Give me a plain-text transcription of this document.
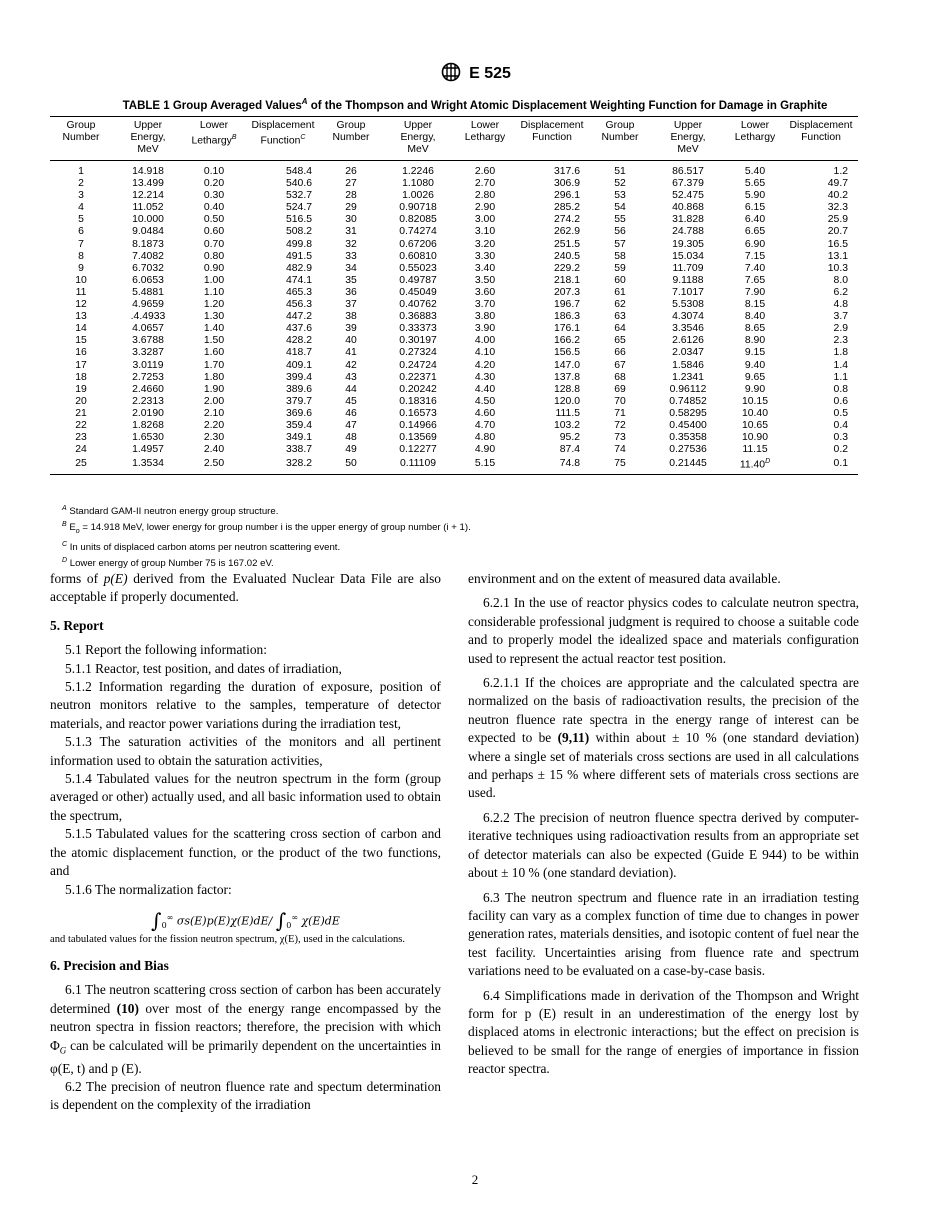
E 525
TABLE 1 Group Averaged Values$^A$ of the Thompson and Wright Atomic Displacement Weighting Function for Damage in Graphite
Group
Number	Upper
Energy,
MeV	Lower
Lethargy$^B$	Displacement
Function$^C$	Group
Number	Upper
Energy,
MeV	Lower
Lethargy	Displacement
Function	Group
Number	Upper
Energy,
MeV	Lower
Lethargy	Displacement
Function
1	14.918	0.10	548.4	26	1.2246	2.60	317.6	51	86.517	5.40	1.2
2	13.499	0.20	540.6	27	1.1080	2.70	306.9	52	67.379	5.65	49.7
3	12.214	0.30	532.7	28	1.0026	2.80	296.1	53	52.475	5.90	40.2
4	11.052	0.40	524.7	29	0.90718	2.90	285.2	54	40.868	6.15	32.3
5	10.000	0.50	516.5	30	0.82085	3.00	274.2	55	31.828	6.40	25.9
6	9.0484	0.60	508.2	31	0.74274	3.10	262.9	56	24.788	6.65	20.7
7	8.1873	0.70	499.8	32	0.67206	3.20	251.5	57	19.305	6.90	16.5
8	7.4082	0.80	491.5	33	0.60810	3.30	240.5	58	15.034	7.15	13.1
9	6.7032	0.90	482.9	34	0.55023	3.40	229.2	59	11.709	7.40	10.3
10	6.0653	1.00	474.1	35	0.49787	3.50	218.1	60	9.1188	7.65	8.0
11	5.4881	1.10	465.3	36	0.45049	3.60	207.3	61	7.1017	7.90	6.2
12	4.9659	1.20	456.3	37	0.40762	3.70	196.7	62	5.5308	8.15	4.8
13	.4.4933	1.30	447.2	38	0.36883	3.80	186.3	63	4.3074	8.40	3.7
14	4.0657	1.40	437.6	39	0.33373	3.90	176.1	64	3.3546	8.65	2.9
15	3.6788	1.50	428.2	40	0.30197	4.00	166.2	65	2.6126	8.90	2.3
16	3.3287	1.60	418.7	41	0.27324	4.10	156.5	66	2.0347	9.15	1.8
17	3.0119	1.70	409.1	42	0.24724	4.20	147.0	67	1.5846	9.40	1.4
18	2.7253	1.80	399.4	43	0.22371	4.30	137.8	68	1.2341	9.65	1.1
19	2.4660	1.90	389.6	44	0.20242	4.40	128.8	69	0.96112	9.90	0.8
20	2.2313	2.00	379.7	45	0.18316	4.50	120.0	70	0.74852	10.15	0.6
21	2.0190	2.10	369.6	46	0.16573	4.60	111.5	71	0.58295	10.40	0.5
22	1.8268	2.20	359.4	47	0.14966	4.70	103.2	72	0.45400	10.65	0.4
23	1.6530	2.30	349.1	48	0.13569	4.80	95.2	73	0.35358	10.90	0.3
24	1.4957	2.40	338.7	49	0.12277	4.90	87.4	74	0.27536	11.15	0.2
25	1.3534	2.50	328.2	50	0.11109	5.15	74.8	75	0.21445	$11.40^D$	0.1
$^A$ Standard GAM-II neutron energy group structure.
$^B$ $E_o = 14.918$ MeV, lower energy for group number i is the upper energy of group number (i + 1).
$^C$ In units of displaced carbon atoms per neutron scattering event.
$^D$ Lower energy of group Number 75 is 167.02 eV.

forms of p(E) derived from the Evaluated Nuclear Data File are also acceptable if properly documented.

5. Report

5.1 Report the following information:

5.1.1 Reactor, test position, and dates of irradiation,

5.1.2 Information regarding the duration of exposure, position of neutron monitors relative to the samples, temperature of detector materials, and reactor power variations during the irradiation test,

5.1.3 The saturation activities of the monitors and all pertinent information used to obtain the saturation activities,

5.1.4 Tabulated values for the neutron spectrum in the form (group averaged or other) actually used, and all basic information used to obtain the spectrum,

5.1.5 Tabulated values for the scattering cross section of carbon and the atomic displacement function, or the product of the two functions, and

5.1.6 The normalization factor:

$\int_0^\infty$ σs(E)p(E)χ(E)dE/ $\int_0^\infty$ χ(E)dE

and tabulated values for the fission neutron spectrum, χ(E), used in the calculations.

6. Precision and Bias

6.1 The neutron scattering cross section of carbon has been accurately determined (10) over most of the energy range encompassed by the neutron spectra in fission reactors; therefore, the precision with which $\Phi_G$ can be calculated will be primarily dependent on the uncertainties in φ(E, t) and p (E).

6.2 The precision of neutron fluence rate and spectum determination is dependent on the complexity of the irradiation

environment and on the extent of measured data available.

6.2.1 In the use of reactor physics codes to calculate neutron spectra, considerable professional judgment is required to choose a suitable code and to properly model the idealized space and materials configuration used to represent the actual reactor test position.

6.2.1.1 If the choices are appropriate and the calculated spectra are normalized on the basis of radioactivation results, the precision of the neutron fluence rate spectra in the energy range of interest can be expected to be (9,11) within about ± 10 % (one standard deviation) where a single set of materials cross sections are used in all calculations and perhaps ± 15 % where different sets of materials cross sections are used.

6.2.2 The precision of neutron fluence spectra derived by computer-iterative techniques using radioactivation results from an appropriate set of detector materials can also be expected (Guide E 944) to be within about ± 10 % (one standard deviation).

6.3 The neutron spectrum and fluence rate in an irradiation testing facility can vary as a complex function of time due to changes in power generation rates, materials densities, and isotopic content of fuel near the test facility. Uncertainties arising from fluence rate and spectrum variations need to be evaluated on a case-by-case basis.

6.4 Simplifications made in derivation of the Thompson and Wright form for p (E) result in an underestimation of the energy lost by displaced atoms in electronic interactions; but the effect on precision is believed to be small for the range of energies of importance in fission reactor spectra.

2
